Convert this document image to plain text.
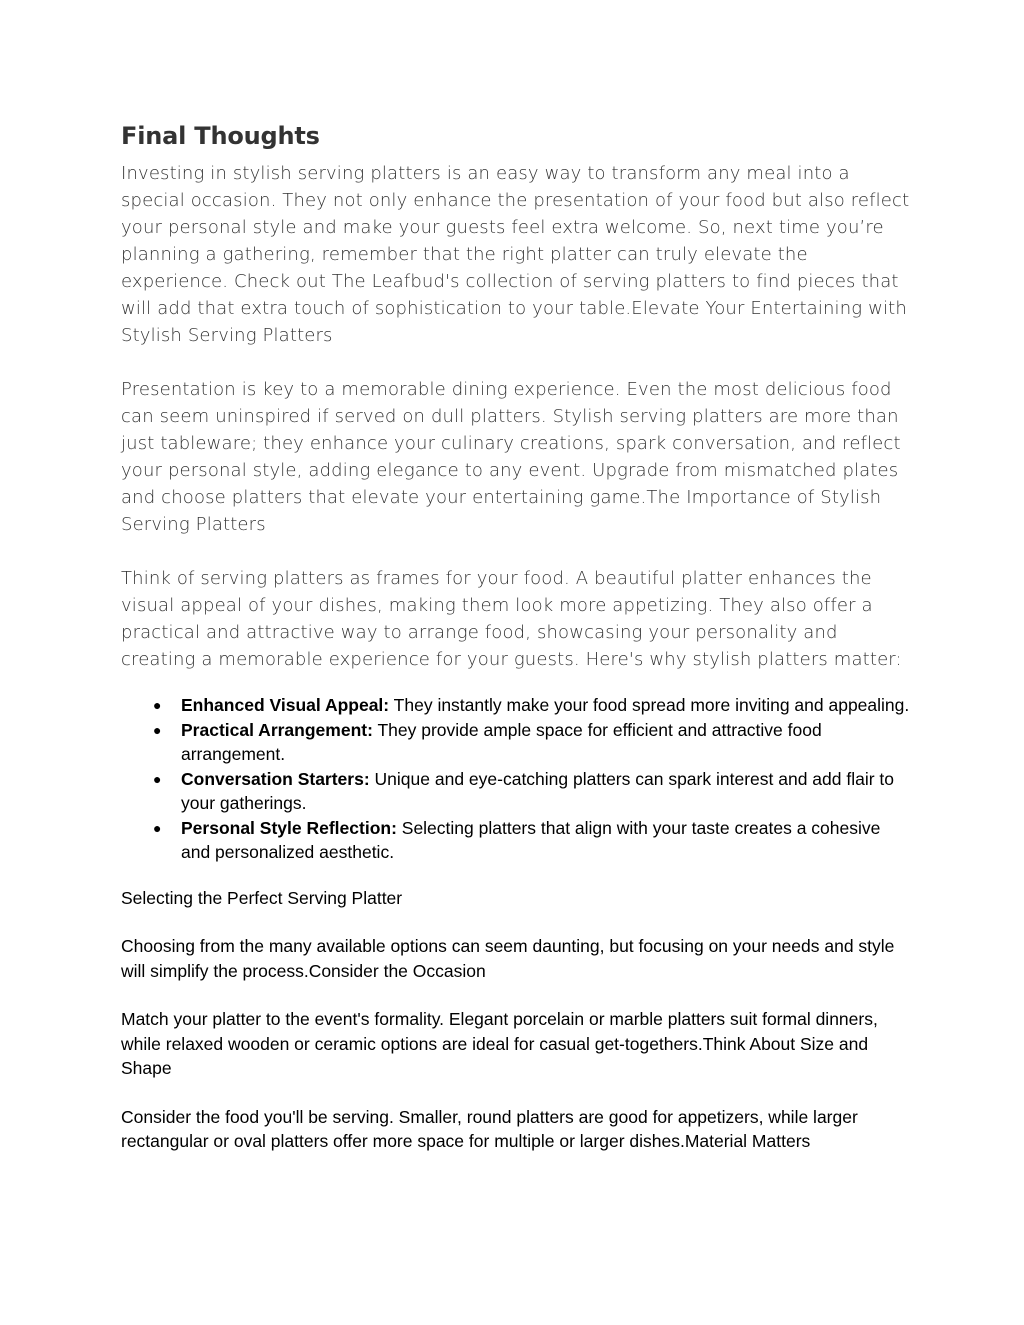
Final Thoughts

Investing in stylish serving platters is an easy way to transform any meal into a special occasion. They not only enhance the presentation of your food but also reflect your personal style and make your guests feel extra welcome. So, next time you’re planning a gathering, remember that the right platter can truly elevate the experience. Check out The Leafbud's collection of serving platters to find pieces that will add that extra touch of sophistication to your table.Elevate Your Entertaining with Stylish Serving Platters

Presentation is key to a memorable dining experience. Even the most delicious food can seem uninspired if served on dull platters. Stylish serving platters are more than just tableware; they enhance your culinary creations, spark conversation, and reflect your personal style, adding elegance to any event. Upgrade from mismatched plates and choose platters that elevate your entertaining game.The Importance of Stylish Serving Platters

Think of serving platters as frames for your food. A beautiful platter enhances the visual appeal of your dishes, making them look more appetizing. They also offer a practical and attractive way to arrange food, showcasing your personality and creating a memorable experience for your guests. Here's why stylish platters matter:

● Enhanced Visual Appeal: They instantly make your food spread more inviting and appealing.
● Practical Arrangement: They provide ample space for efficient and attractive food arrangement.
● Conversation Starters: Unique and eye-catching platters can spark interest and add flair to your gatherings.
● Personal Style Reflection: Selecting platters that align with your taste creates a cohesive and personalized aesthetic.

Selecting the Perfect Serving Platter

Choosing from the many available options can seem daunting, but focusing on your needs and style will simplify the process.Consider the Occasion

Match your platter to the event's formality. Elegant porcelain or marble platters suit formal dinners, while relaxed wooden or ceramic options are ideal for casual get-togethers.Think About Size and Shape

Consider the food you'll be serving. Smaller, round platters are good for appetizers, while larger rectangular or oval platters offer more space for multiple or larger dishes.Material Matters
